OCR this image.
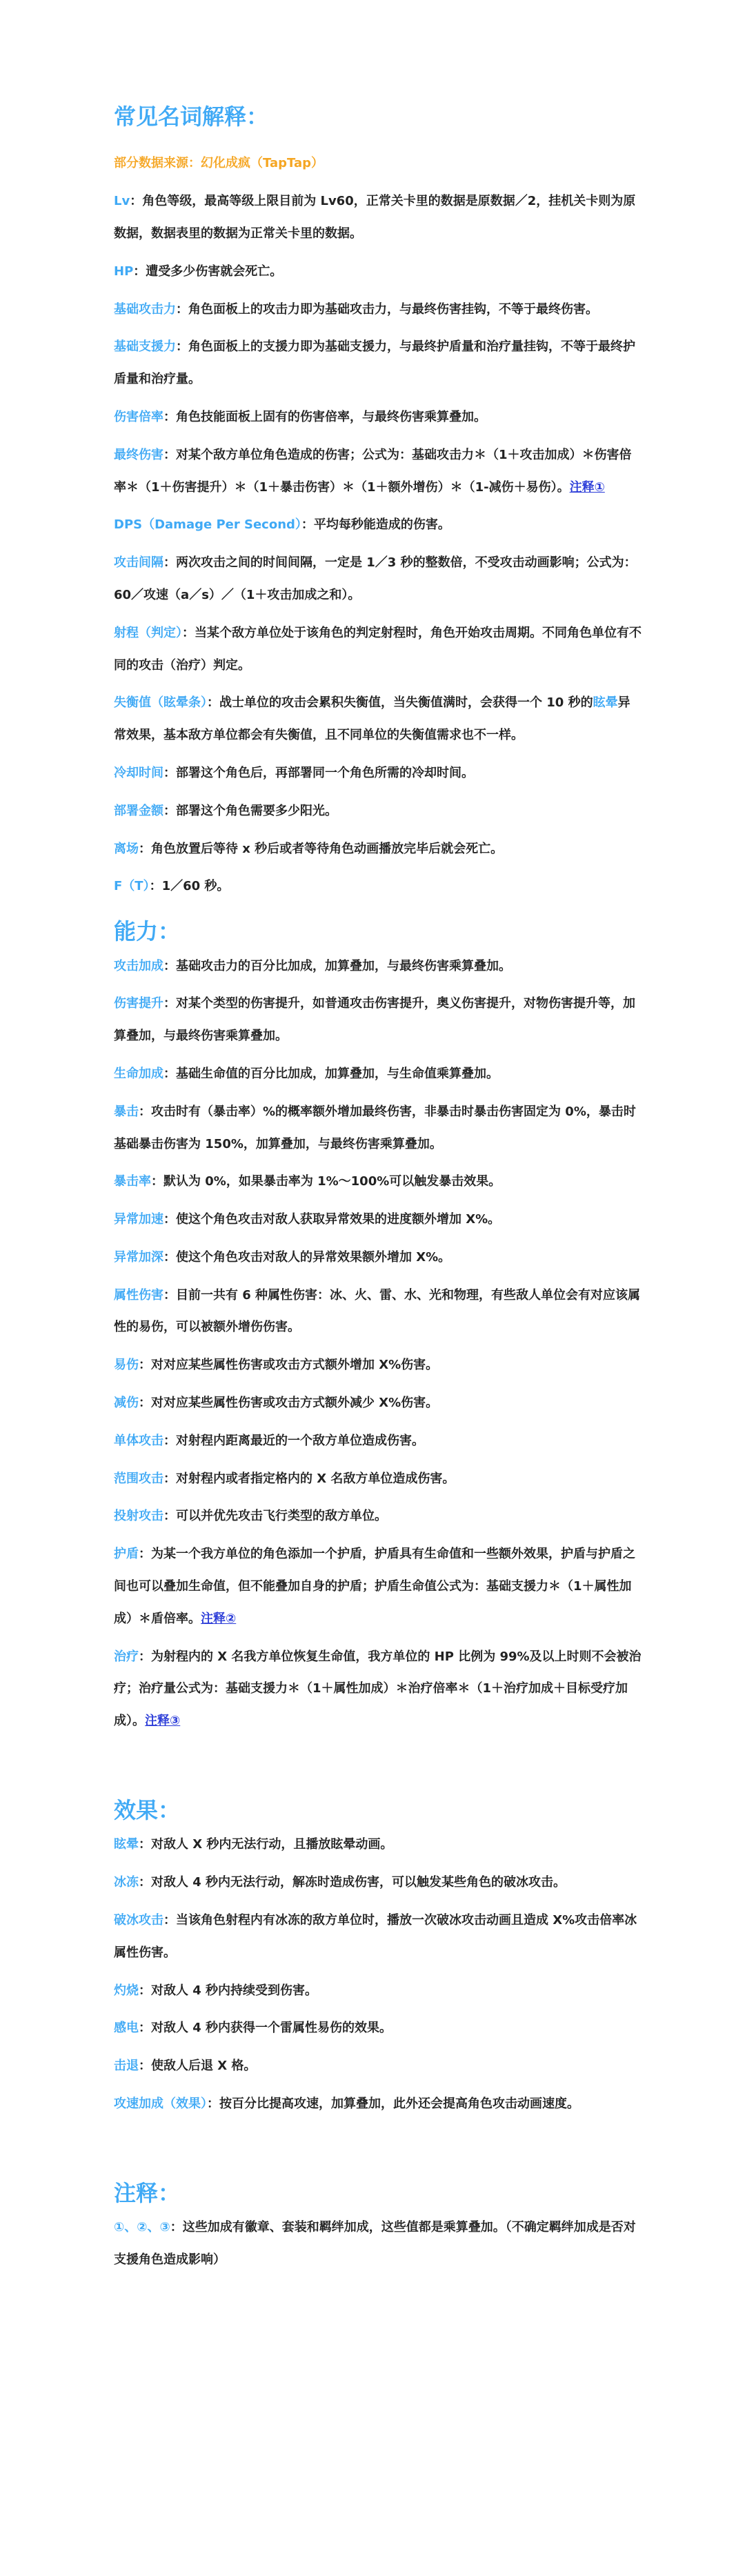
常见名词解释：
部分数据来源：幻化成疯（TapTap）
Lv：角色等级，最高等级上限目前为 Lv60，正常关卡里的数据是原数据／2，挂机关卡则为原数据，数据表里的数据为正常关卡里的数据。
HP：遭受多少伤害就会死亡。
基础攻击力：角色面板上的攻击力即为基础攻击力，与最终伤害挂钩，不等于最终伤害。
基础支援力：角色面板上的支援力即为基础支援力，与最终护盾量和治疗量挂钩，不等于最终护盾量和治疗量。
伤害倍率：角色技能面板上固有的伤害倍率，与最终伤害乘算叠加。
最终伤害：对某个敌方单位角色造成的伤害；公式为：基础攻击力＊（1＋攻击加成）＊伤害倍率＊（1＋伤害提升）＊（1＋暴击伤害）＊（1＋额外增伤）＊（1-减伤＋易伤）。注释①
DPS（Damage Per Second）：平均每秒能造成的伤害。
攻击间隔：两次攻击之间的时间间隔，一定是 1／3 秒的整数倍，不受攻击动画影响；公式为：60／攻速（a／s）／（1＋攻击加成之和）。
射程（判定）：当某个敌方单位处于该角色的判定射程时，角色开始攻击周期。不同角色单位有不同的攻击（治疗）判定。
失衡值（眩晕条）：战士单位的攻击会累积失衡值，当失衡值满时，会获得一个 10 秒的眩晕异常效果，基本敌方单位都会有失衡值，且不同单位的失衡值需求也不一样。
冷却时间：部署这个角色后，再部署同一个角色所需的冷却时间。
部署金额：部署这个角色需要多少阳光。
离场：角色放置后等待 x 秒后或者等待角色动画播放完毕后就会死亡。
F（T）：1／60 秒。
能力：
攻击加成：基础攻击力的百分比加成，加算叠加，与最终伤害乘算叠加。
伤害提升：对某个类型的伤害提升，如普通攻击伤害提升，奥义伤害提升，对物伤害提升等，加算叠加，与最终伤害乘算叠加。
生命加成：基础生命值的百分比加成，加算叠加，与生命值乘算叠加。
暴击：攻击时有（暴击率）%的概率额外增加最终伤害，非暴击时暴击伤害固定为 0%，暴击时基础暴击伤害为 150%，加算叠加，与最终伤害乘算叠加。
暴击率：默认为 0%，如果暴击率为 1%～100%可以触发暴击效果。
异常加速：使这个角色攻击对敌人获取异常效果的进度额外增加 X%。
异常加深：使这个角色攻击对敌人的异常效果额外增加 X%。
属性伤害：目前一共有 6 种属性伤害：冰、火、雷、水、光和物理，有些敌人单位会有对应该属性的易伤，可以被额外增伤伤害。
易伤：对对应某些属性伤害或攻击方式额外增加 X%伤害。
减伤：对对应某些属性伤害或攻击方式额外减少 X%伤害。
单体攻击：对射程内距离最近的一个敌方单位造成伤害。
范围攻击：对射程内或者指定格内的 X 名敌方单位造成伤害。
投射攻击：可以并优先攻击飞行类型的敌方单位。
护盾：为某一个我方单位的角色添加一个护盾，护盾具有生命值和一些额外效果，护盾与护盾之间也可以叠加生命值，但不能叠加自身的护盾；护盾生命值公式为：基础支援力＊（1＋属性加成）＊盾倍率。注释②
治疗：为射程内的 X 名我方单位恢复生命值，我方单位的 HP 比例为 99%及以上时则不会被治疗；治疗量公式为：基础支援力＊（1＋属性加成）＊治疗倍率＊（1＋治疗加成＋目标受疗加成）。注释③
效果：
眩晕：对敌人 X 秒内无法行动，且播放眩晕动画。
冰冻：对敌人 4 秒内无法行动，解冻时造成伤害，可以触发某些角色的破冰攻击。
破冰攻击：当该角色射程内有冰冻的敌方单位时，播放一次破冰攻击动画且造成 X%攻击倍率冰属性伤害。
灼烧：对敌人 4 秒内持续受到伤害。
感电：对敌人 4 秒内获得一个雷属性易伤的效果。
击退：使敌人后退 X 格。
攻速加成（效果）：按百分比提高攻速，加算叠加，此外还会提高角色攻击动画速度。
注释：
①、②、③：这些加成有徽章、套装和羁绊加成，这些值都是乘算叠加。（不确定羁绊加成是否对支援角色造成影响）
